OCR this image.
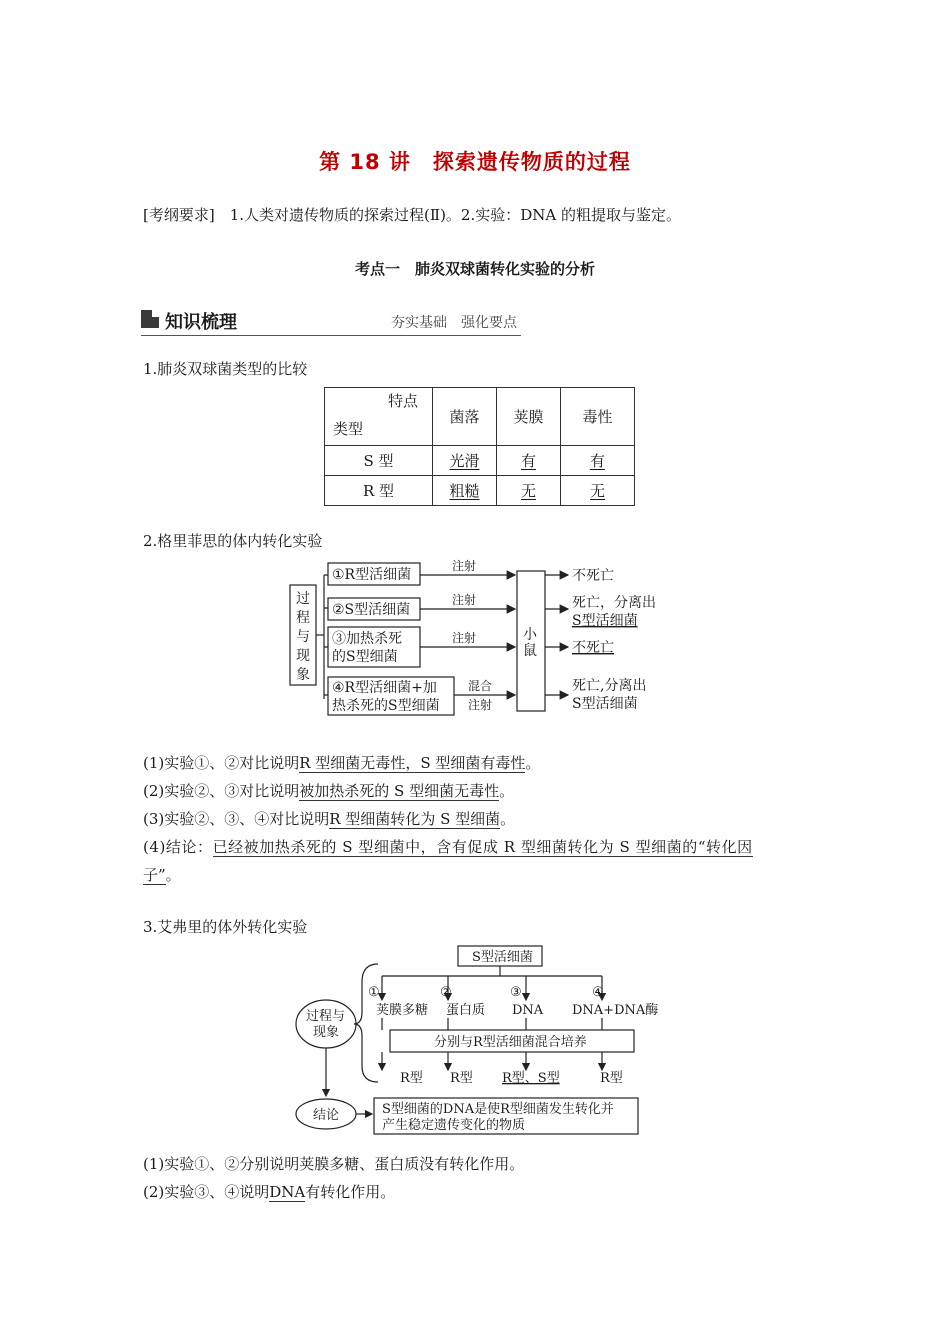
第 18 讲　探索遗传物质的过程
[考纲要求]　1.人类对遗传物质的探索过程(Ⅱ)。2.实验：DNA 的粗提取与鉴定。
考点一　肺炎双球菌转化实验的分析
知识梳理	夯实基础　强化要点
1.肺炎双球菌类型的比较
特点
类型	菌落	荚膜	毒性
S 型	光滑	有	有
R 型	粗糙	无	无
2.格里菲思的体内转化实验
过
程
与
现
象
①R型活细菌
②S型活细菌
③加热杀死
的S型细菌
④R型活细菌+加
热杀死的S型细菌
注射
注射
注射
混合
注射
小
鼠
不死亡
死亡，分离出
S型活细菌
不死亡
死亡,分离出
S型活细菌
(1)实验①、②对比说明R 型细菌无毒性，S 型细菌有毒性。
(2)实验②、③对比说明被加热杀死的 S 型细菌无毒性。
(3)实验②、③、④对比说明R 型细菌转化为 S 型细菌。
(4)结论：已经被加热杀死的 S 型细菌中，含有促成 R 型细菌转化为 S 型细菌的“转化因
子”。
3.艾弗里的体外转化实验
S型活细菌
①	②	③	④
荚膜多糖 蛋白质 DNA DNA+DNA酶
分别与R型活细菌混合培养
R型 R型 R型、S型	R型
过程与
现象
结论	S型细菌的DNA是使R型细菌发生转化并
产生稳定遗传变化的物质
(1)实验①、②分别说明荚膜多糖、蛋白质没有转化作用。
(2)实验③、④说明DNA有转化作用。
